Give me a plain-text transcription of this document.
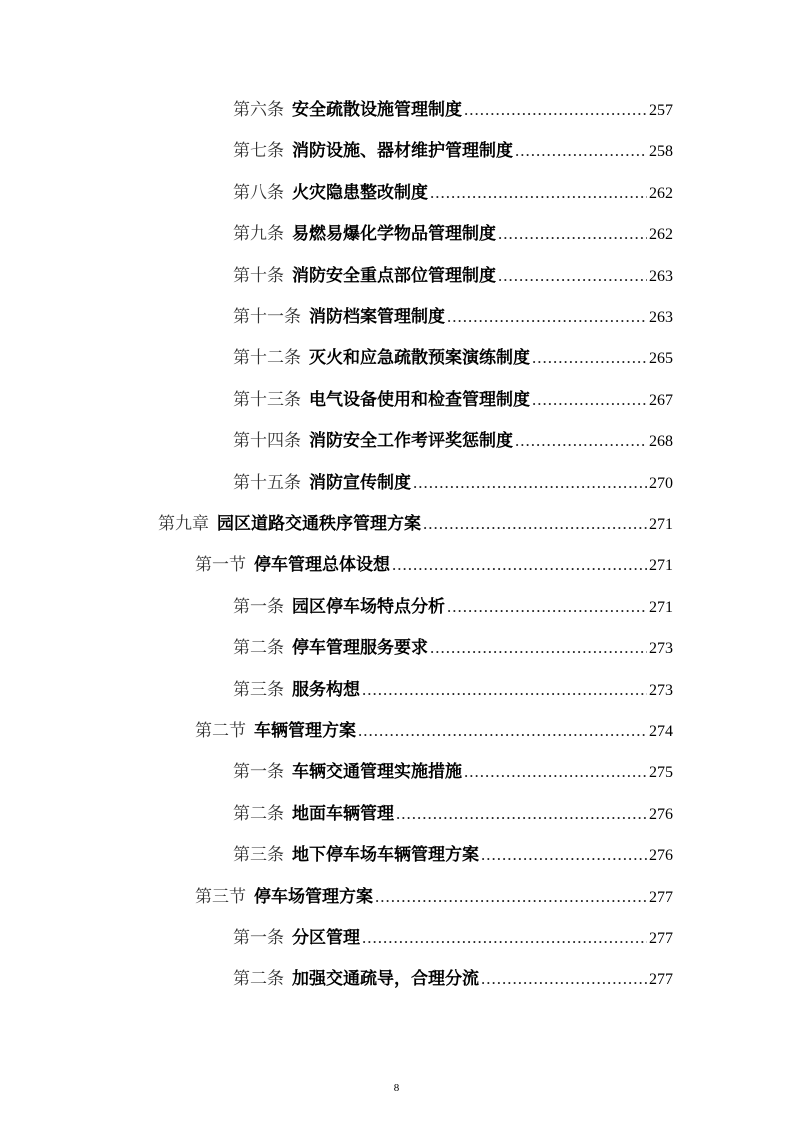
第六条 安全疏散设施管理制度 .....	257
第七条 消防设施、器材维护管理制度 .....	258
第八条 火灾隐患整改制度 .....	262
第九条 易燃易爆化学物品管理制度 .....	262
第十条 消防安全重点部位管理制度 .....	263
第十一条 消防档案管理制度 .....	263
第十二条 灭火和应急疏散预案演练制度 .....	265
第十三条 电气设备使用和检查管理制度 .....	267
第十四条 消防安全工作考评奖惩制度 .....	268
第十五条 消防宣传制度 .....	270
第九章 园区道路交通秩序管理方案 .....	271
第一节 停车管理总体设想 .....	271
第一条 园区停车场特点分析 .....	271
第二条 停车管理服务要求 .....	273
第三条 服务构想 .....	273
第二节 车辆管理方案 .....	274
第一条 车辆交通管理实施措施 .....	275
第二条 地面车辆管理 .....	276
第三条 地下停车场车辆管理方案 .....	276
第三节 停车场管理方案 .....	277
第一条 分区管理 .....	277
第二条 加强交通疏导，合理分流 .....	277
8
